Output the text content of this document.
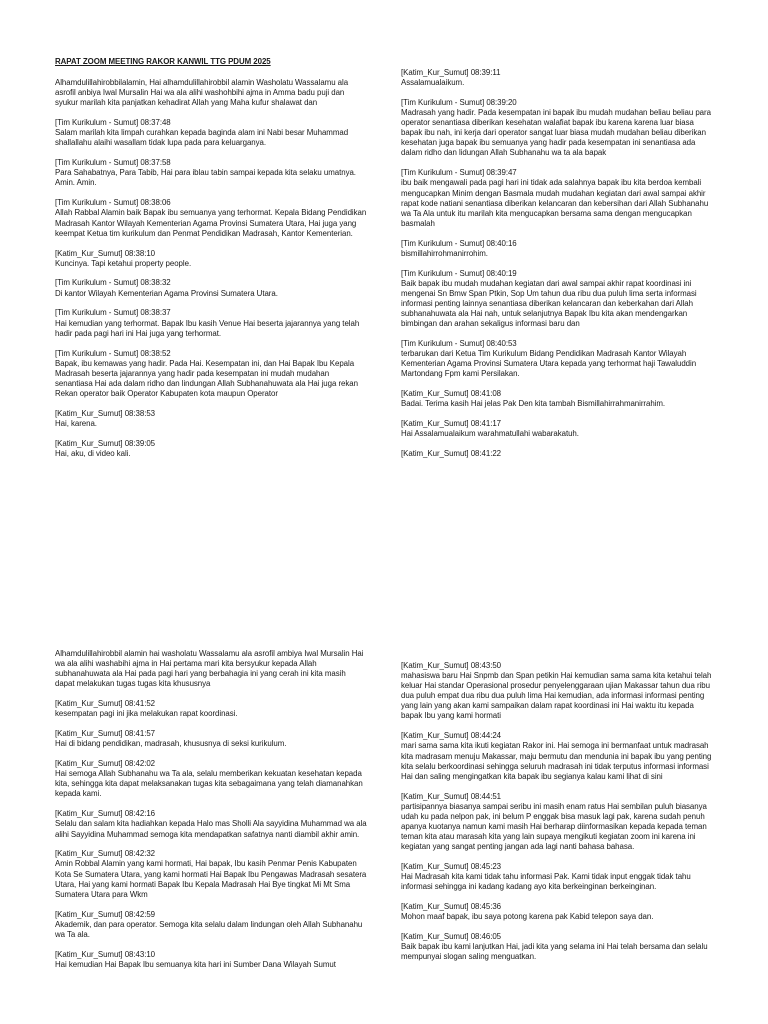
RAPAT ZOOM MEETING RAKOR KANWIL TTG PDUM 2025
Alhamdulillahirobbilalamin, Hai alhamdulillahirobbil alamin Washolatu Wassalamu ala asrofil anbiya Iwal Mursalin Hai wa ala alihi washohbihi ajma in Amma badu puji dan syukur marilah kita panjatkan kehadirat Allah yang Maha kufur shalawat dan
[Tim Kurikulum - Sumut] 08:37:48
Salam marilah kita limpah curahkan kepada baginda alam ini Nabi besar Muhammad shallallahu alaihi wasallam tidak lupa pada para keluarganya.
[Tim Kurikulum - Sumut] 08:37:58
Para Sahabatnya, Para Tabib, Hai para iblau tabin sampai kepada kita selaku umatnya. Amin. Amin.
[Tim Kurikulum - Sumut] 08:38:06
Allah Rabbal Alamin baik Bapak ibu semuanya yang terhormat. Kepala Bidang Pendidikan Madrasah Kantor Wilayah Kementerian Agama Provinsi Sumatera Utara, Hai juga yang keempat Ketua tim kurikulum dan Penmat Pendidikan Madrasah, Kantor Kementerian.
[Katim_Kur_Sumut] 08:38:10
Kuncinya. Tapi ketahui property people.
[Tim Kurikulum - Sumut] 08:38:32
Di kantor Wilayah Kementerian Agama Provinsi Sumatera Utara.
[Tim Kurikulum - Sumut] 08:38:37
Hai kemudian yang terhormat. Bapak Ibu kasih Venue Hai beserta jajarannya yang telah hadir pada pagi hari ini Hai juga yang terhormat.
[Tim Kurikulum - Sumut] 08:38:52
Bapak, ibu kemawas yang hadir. Pada Hai. Kesempatan ini, dan Hai Bapak Ibu Kepala Madrasah beserta jajarannya yang hadir pada kesempatan ini mudah mudahan senantiasa Hai ada dalam ridho dan lindungan Allah Subhanahuwata ala Hai juga rekan Rekan operator baik Operator Kabupaten kota maupun Operator
[Katim_Kur_Sumut] 08:38:53
Hai, karena.
[Katim_Kur_Sumut] 08:39:05
Hai, aku, di video kali.
[Katim_Kur_Sumut] 08:39:11
Assalamualaikum.
[Tim Kurikulum - Sumut] 08:39:20
Madrasah yang hadir. Pada kesempatan ini bapak ibu mudah mudahan beliau beliau para operator senantiasa diberikan kesehatan walafiat bapak ibu karena karena luar biasa bapak ibu nah, ini kerja dari operator sangat luar biasa mudah mudahan beliau diberikan kesehatan juga bapak ibu semuanya yang hadir pada kesempatan ini senantiasa ada dalam ridho dan lidungan Allah Subhanahu wa ta ala bapak
[Tim Kurikulum - Sumut] 08:39:47
ibu baik mengawali pada pagi hari ini tidak ada salahnya bapak ibu kita berdoa kembali mengucapkan Minim dengan Basmala mudah mudahan kegiatan dari awal sampai akhir rapat kode natiani senantiasa diberikan kelancaran dan kebersihan dari Allah Subhanahu wa Ta Ala untuk itu marilah kita mengucapkan bersama sama dengan mengucapkan basmalah
[Tim Kurikulum - Sumut] 08:40:16
bismillahirrohmanirrohim.
[Tim Kurikulum - Sumut] 08:40:19
Baik bapak ibu mudah mudahan kegiatan dari awal sampai akhir rapat koordinasi ini mengenai Sn Bmw Span Ptkin, Sop Um tahun dua ribu dua puluh lima serta informasi informasi penting lainnya senantiasa diberikan kelancaran dan keberkahan dari Allah subhanahuwata ala Hai nah, untuk selanjutnya Bapak Ibu kita akan mendengarkan bimbingan dan arahan sekaligus informasi baru dan
[Tim Kurikulum - Sumut] 08:40:53
terbarukan dari Ketua Tim Kurikulum Bidang Pendidikan Madrasah Kantor Wilayah Kementerian Agama Provinsi Sumatera Utara kepada yang terhormat haji Tawaluddin Martondang Fpm kami Persilakan.
[Katim_Kur_Sumut] 08:41:08
Badai. Terima kasih Hai jelas Pak Den kita tambah Bismillahirrahmanirrahim.
[Katim_Kur_Sumut] 08:41:17
Hai Assalamualaikum warahmatullahi wabarakatuh.
[Katim_Kur_Sumut] 08:41:22
Alhamdulillahirobbil alamin hai washolatu Wassalamu ala asrofil ambiya Iwal Mursalin Hai wa ala alihi washabihi ajma in Hai pertama mari kita bersyukur kepada Allah subhanahuwata ala Hai pada pagi hari yang berbahagia ini yang cerah ini kita masih dapat melakukan tugas tugas kita khususnya
[Katim_Kur_Sumut] 08:41:52
kesempatan pagi ini jika melakukan rapat koordinasi.
[Katim_Kur_Sumut] 08:41:57
Hai di bidang pendidikan, madrasah, khususnya di seksi kurikulum.
[Katim_Kur_Sumut] 08:42:02
Hai semoga Allah Subhanahu wa Ta ala, selalu memberikan kekuatan kesehatan kepada kita, sehingga kita dapat melaksanakan tugas kita sebagaimana yang telah diamanahkan kepada kami.
[Katim_Kur_Sumut] 08:42:16
Selalu dan salam kita hadiahkan kepada Halo mas Sholli Ala sayyidina Muhammad wa ala alihi Sayyidina Muhammad semoga kita mendapatkan safatnya nanti diambil akhir amin.
[Katim_Kur_Sumut] 08:42:32
Amin Robbal Alamin yang kami hormati, Hai bapak, Ibu kasih Penmar Penis Kabupaten Kota Se Sumatera Utara, yang kami hormati Hai Bapak Ibu Pengawas Madrasah sesatera Utara, Hai yang kami hormati Bapak Ibu Kepala Madrasah Hai Bye tingkat Mi Mt Sma Sumatera Utara para Wkm
[Katim_Kur_Sumut] 08:42:59
Akademik, dan para operator. Semoga kita selalu dalam lindungan oleh Allah Subhanahu wa Ta ala.
[Katim_Kur_Sumut] 08:43:10
Hai kemudian Hai Bapak Ibu semuanya kita hari ini Sumber Dana Wilayah Sumut
[Katim_Kur_Sumut] 08:43:50
mahasiswa baru Hai Snpmb dan Span petikin Hai kemudian sama sama kita ketahui telah keluar Hai standar Operasional prosedur penyelenggaraan ujian Makassar tahun dua ribu dua puluh empat dua ribu dua puluh lima Hai kemudian, ada informasi informasi penting yang lain yang akan kami sampaikan dalam rapat koordinasi ini Hai waktu itu kepada bapak Ibu yang kami hormati
[Katim_Kur_Sumut] 08:44:24
mari sama sama kita ikuti kegiatan Rakor ini. Hai semoga ini bermanfaat untuk madrasah kita madrasam menuju Makassar, maju bermutu dan mendunia ini bapak ibu yang penting kita selalu berkoordinasi sehingga seluruh madrasah ini tidak terputus informasi informasi Hai dan saling mengingatkan kita bapak ibu segianya kalau kami lihat di sini
[Katim_Kur_Sumut] 08:44:51
partisipannya biasanya sampai seribu ini masih enam ratus Hai sembilan puluh biasanya udah ku pada nelpon pak, ini belum P enggak bisa masuk lagi pak, karena sudah penuh apanya kuotanya namun kami masih Hai berharap diinformasikan kepada kepada teman teman kita atau marasah kita yang lain supaya mengikuti kegiatan zoom ini karena ini kegiatan yang sangat penting jangan ada lagi nanti bahasa bahasa.
[Katim_Kur_Sumut] 08:45:23
Hai Madrasah kita kami tidak tahu informasi Pak. Kami tidak input enggak tidak tahu informasi sehingga ini kadang kadang ayo kita berkeinginan berkeinginan.
[Katim_Kur_Sumut] 08:45:36
Mohon maaf bapak, ibu saya potong karena pak Kabid telepon saya dan.
[Katim_Kur_Sumut] 08:46:05
Baik bapak ibu kami lanjutkan Hai, jadi kita yang selama ini Hai telah bersama dan selalu mempunyai slogan saling menguatkan.
